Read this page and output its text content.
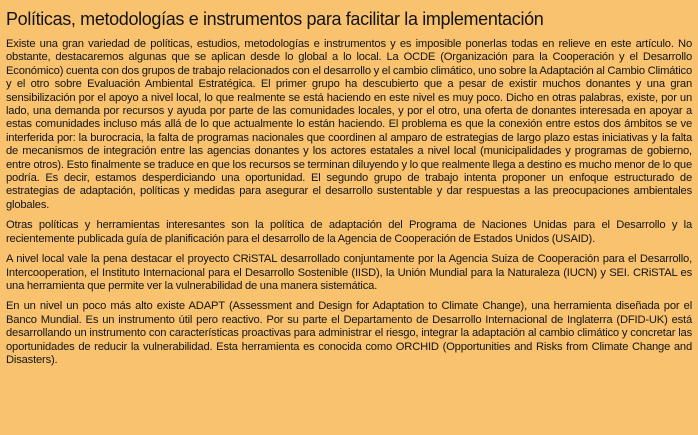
Políticas, metodologías e instrumentos para facilitar la implementación

Existe una gran variedad de políticas, estudios, metodologías e instrumentos y es imposible ponerlas todas en relieve en este artículo. No obstante, destacaremos algunas que se aplican desde lo global a lo local. La OCDE (Organización para la Cooperación y el Desarrollo Económico) cuenta con dos grupos de trabajo relacionados con el desarrollo y el cambio climático, uno sobre la Adaptación al Cambio Climático y el otro sobre Evaluación Ambiental Estratégica. El primer grupo ha descubierto que a pesar de existir muchos donantes y una gran sensibilización por el apoyo a nivel local, lo que realmente se está haciendo en este nivel es muy poco. Dicho en otras palabras, existe, por un lado, una demanda por recursos y ayuda por parte de las comunidades locales, y por el otro, una oferta de donantes interesada en apoyar a estas comunidades incluso más allá de lo que actualmente lo están haciendo. El problema es que la conexión entre estos dos ámbitos se ve interferida por: la burocracia, la falta de programas nacionales que coordinen al amparo de estrategias de largo plazo estas iniciativas y la falta de mecanismos de integración entre las agencias donantes y los actores estatales a nivel local (municipalidades y programas de gobierno, entre otros). Esto finalmente se traduce en que los recursos se terminan diluyendo y lo que realmente llega a destino es mucho menor de lo que podría. Es decir, estamos desperdiciando una oportunidad. El segundo grupo de trabajo intenta proponer un enfoque estructurado de estrategias de adaptación, políticas y medidas para asegurar el desarrollo sustentable y dar respuestas a las preocupaciones ambientales globales.

Otras políticas y herramientas interesantes son la política de adaptación del Programa de Naciones Unidas para el Desarrollo y la recientemente publicada guía de planificación para el desarrollo de la Agencia de Cooperación de Estados Unidos (USAID).

A nivel local vale la pena destacar el proyecto CRiSTAL desarrollado conjuntamente por la Agencia Suiza de Cooperación para el Desarrollo, Intercooperation, el Instituto Internacional para el Desarrollo Sostenible (IISD), la Unión Mundial para la Naturaleza (IUCN) y SEI. CRiSTAL es una herramienta que permite ver la vulnerabilidad de una manera sistemática.

En un nivel un poco más alto existe ADAPT (Assessment and Design for Adaptation to Climate Change), una herramienta diseñada por el Banco Mundial. Es un instrumento útil pero reactivo. Por su parte el Departamento de Desarrollo Internacional de Inglaterra (DFID-UK) está desarrollando un instrumento con características proactivas para administrar el riesgo, integrar la adaptación al cambio climático y concretar las oportunidades de reducir la vulnerabilidad. Esta herramienta es conocida como ORCHID (Opportunities and Risks from Climate Change and Disasters).
